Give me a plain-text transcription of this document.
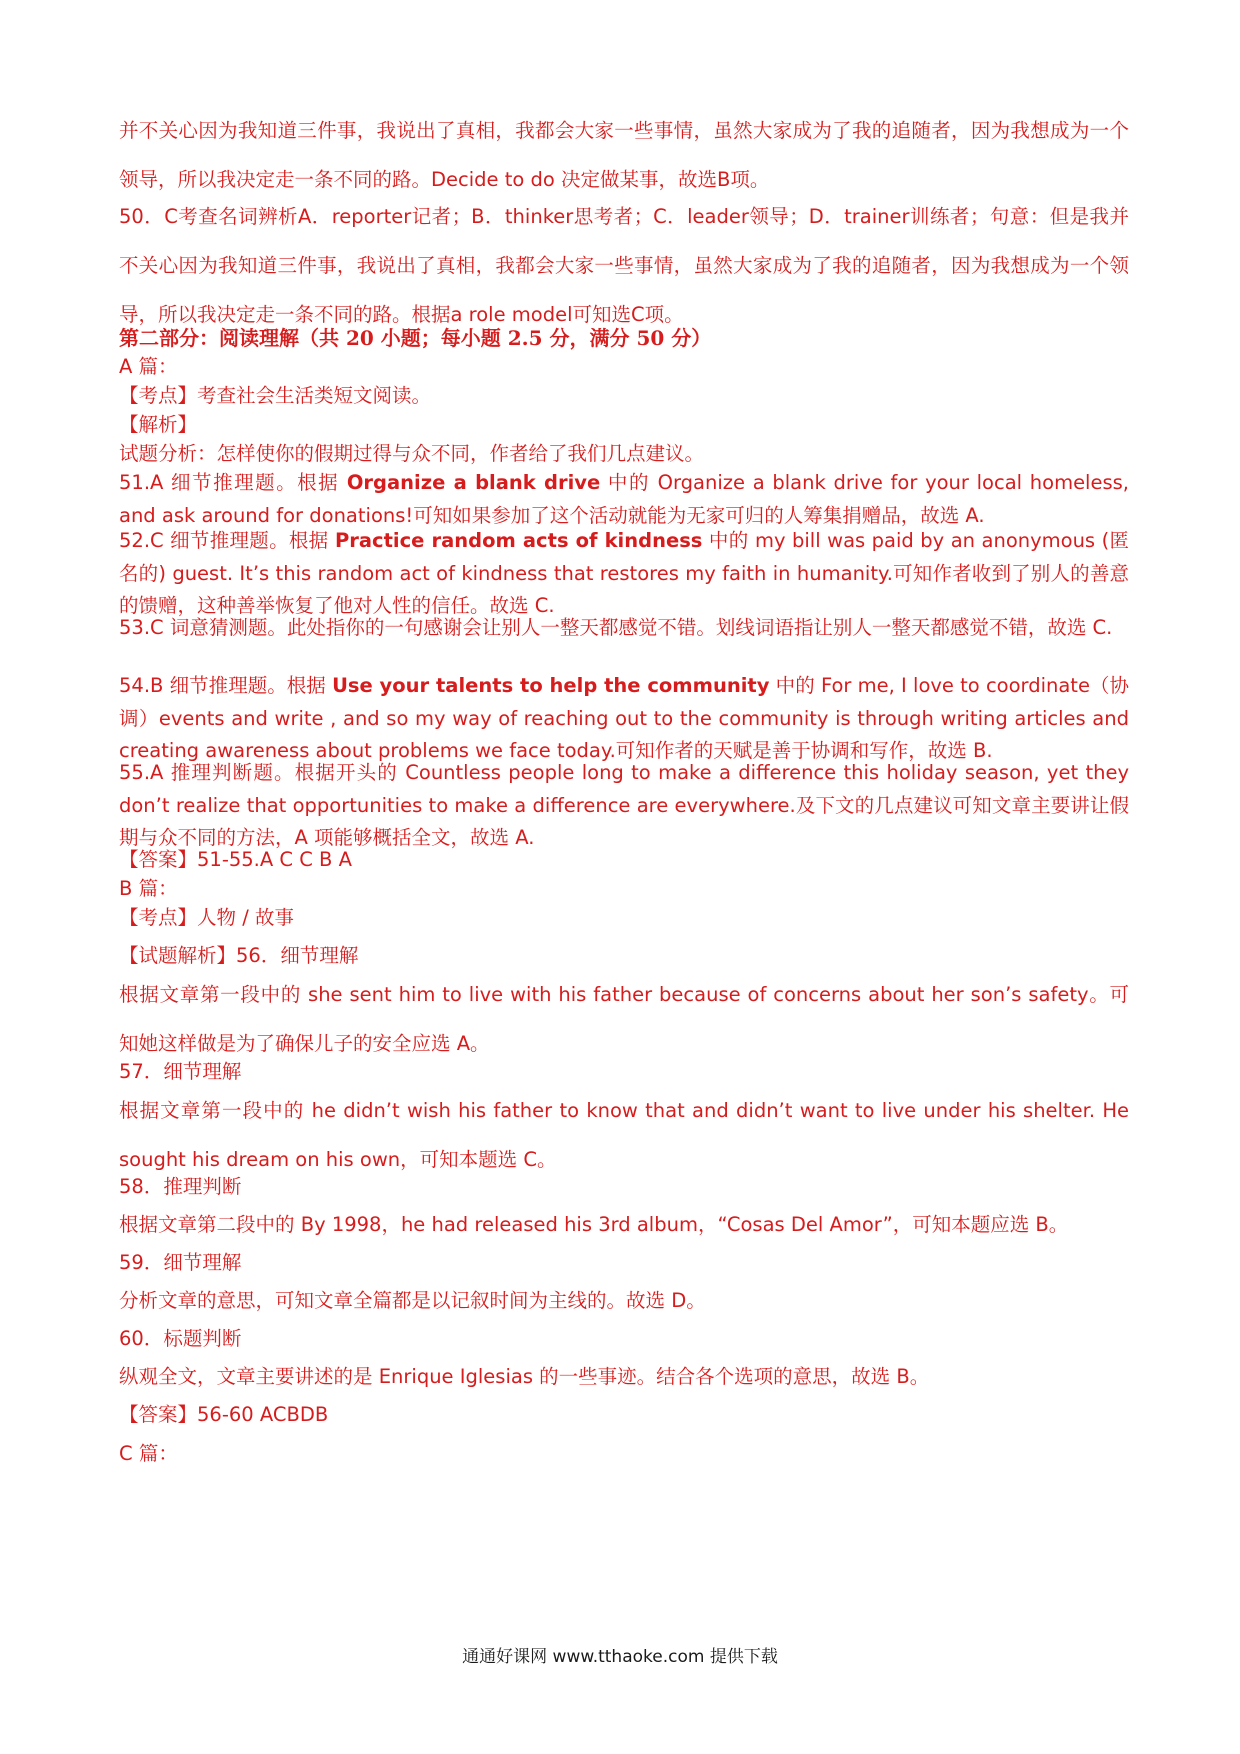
并不关心因为我知道三件事，我说出了真相，我都会大家一些事情，虽然大家成为了我的追随者，因为我想成为一个领导，所以我决定走一条不同的路。Decide to do 决定做某事，故选B项。
50．C考查名词辨析A．reporter记者；B．thinker思考者；C．leader领导；D．trainer训练者；句意：但是我并不关心因为我知道三件事，我说出了真相，我都会大家一些事情，虽然大家成为了我的追随者，因为我想成为一个领导，所以我决定走一条不同的路。根据a role model可知选C项。
第二部分：阅读理解（共 20 小题；每小题 2.5 分，满分 50 分）
A 篇：
【考点】考查社会生活类短文阅读。
【解析】
试题分析：怎样使你的假期过得与众不同，作者给了我们几点建议。
51.A 细节推理题。根据 Organize a blank drive 中的 Organize a blank drive for your local homeless, and ask around for donations!可知如果参加了这个活动就能为无家可归的人筹集捐赠品，故选 A.
52.C 细节推理题。根据 Practice random acts of kindness 中的 my bill was paid by an anonymous (匿名的) guest. It’s this random act of kindness that restores my faith in humanity.可知作者收到了别人的善意的馈赠，这种善举恢复了他对人性的信任。故选 C.
53.C 词意猜测题。此处指你的一句感谢会让别人一整天都感觉不错。划线词语指让别人一整天都感觉不错，故选 C.
54.B 细节推理题。根据 Use your talents to help the community 中的 For me, I love to coordinate（协调）events and write , and so my way of reaching out to the community is through writing articles and creating awareness about problems we face today.可知作者的天赋是善于协调和写作，故选 B.
55.A 推理判断题。根据开头的 Countless people long to make a difference this holiday season, yet they don’t realize that opportunities to make a difference are everywhere.及下文的几点建议可知文章主要讲让假期与众不同的方法，A 项能够概括全文，故选 A.
【答案】51-55.A C C B A
B 篇：
【考点】人物 / 故事
【试题解析】56．细节理解
根据文章第一段中的 she sent him to live with his father because of concerns about her son’s safety。可知她这样做是为了确保儿子的安全应选 A。
57．细节理解
根据文章第一段中的 he didn’t wish his father to know that and didn’t want to live under his shelter. He sought his dream on his own，可知本题选 C。
58．推理判断
根据文章第二段中的 By 1998，he had released his 3rd album，“Cosas Del Amor”，可知本题应选 B。
59．细节理解
分析文章的意思，可知文章全篇都是以记叙时间为主线的。故选 D。
60．标题判断
纵观全文，文章主要讲述的是 Enrique Iglesias 的一些事迹。结合各个选项的意思，故选 B。
【答案】56-60 ACBDB
C 篇：
通通好课网 www.tthaoke.com 提供下载
